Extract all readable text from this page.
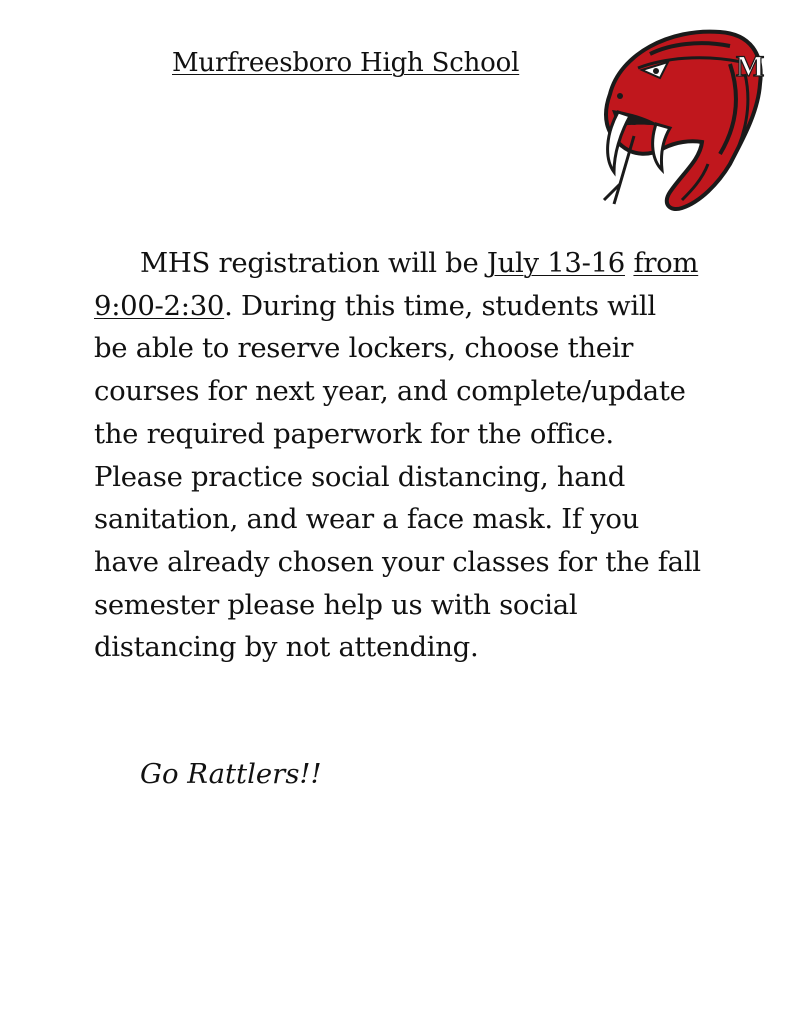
Murfreesboro High School	M
MHS registration will be July 13-16 from
9:00-2:30. During this time, students will
be able to reserve lockers, choose their
courses for next year, and complete/update
the required paperwork for the office.
Please practice social distancing, hand
sanitation, and wear a face mask. If you
have already chosen your classes for the fall
semester please help us with social
distancing by not attending.
Go Rattlers!!
